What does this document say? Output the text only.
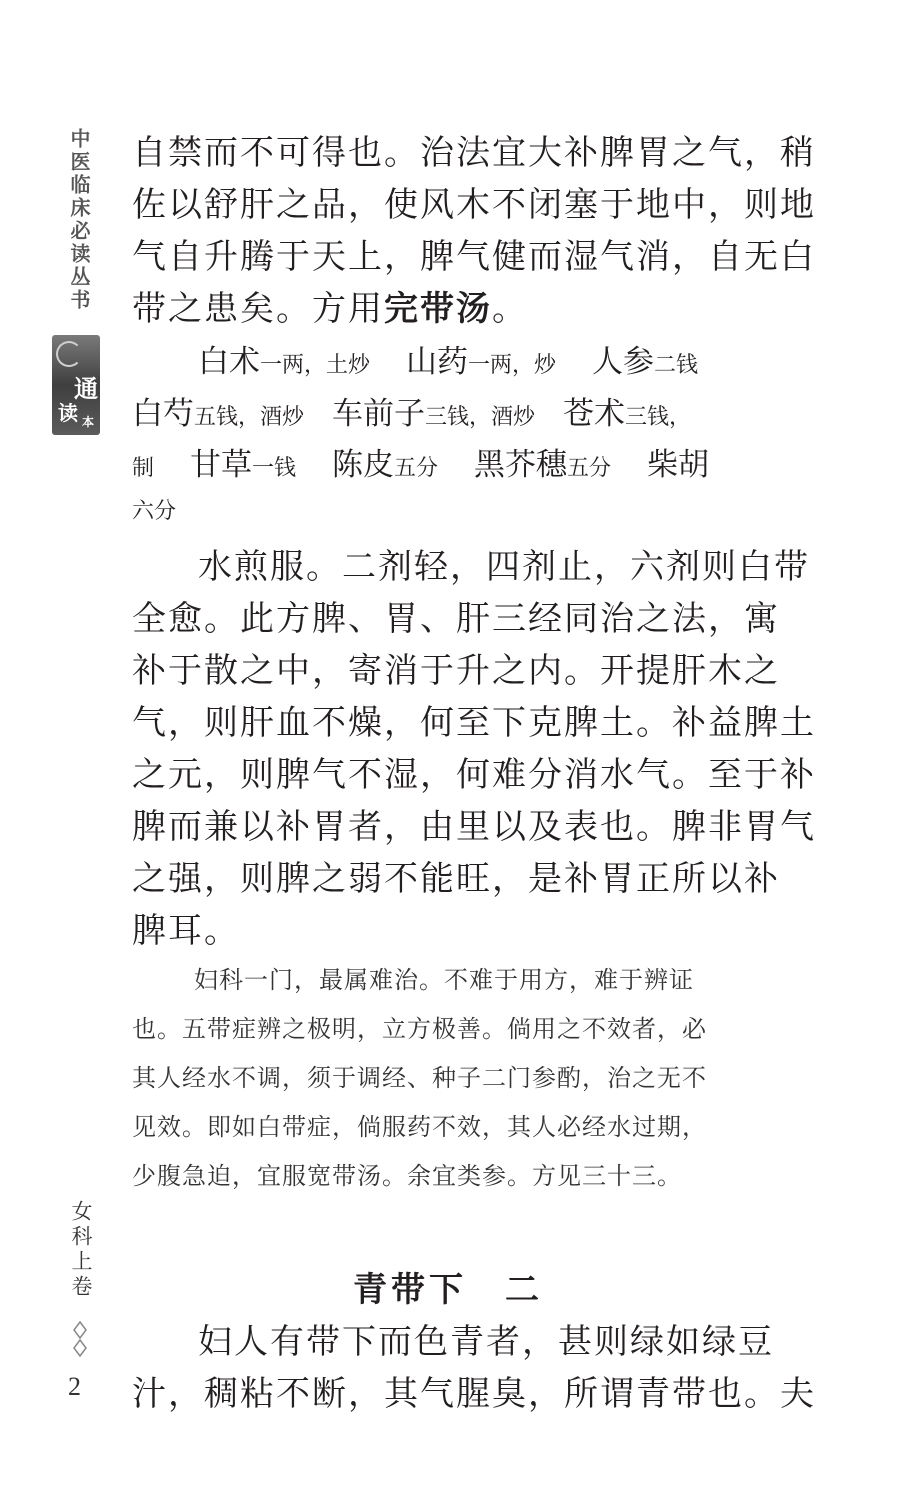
中医临床必读丛书
通
读 本
女科上卷
2
自禁而不可得也。治法宜大补脾胃之气，稍
佐以舒肝之品，使风木不闭塞于地中，则地
气自升腾于天上，脾气健而湿气消，自无白
带之患矣。方用完带汤。
白术一两，土炒 山药一两，炒 人参二钱
白芍五钱，酒炒 车前子三钱，酒炒 苍术三钱，
制 甘草一钱 陈皮五分 黑芥穗五分 柴胡
六分
水煎服。二剂轻，四剂止，六剂则白带
全愈。此方脾、胃、肝三经同治之法，寓
补于散之中，寄消于升之内。开提肝木之
气，则肝血不燥，何至下克脾土。补益脾土
之元，则脾气不湿，何难分消水气。至于补
脾而兼以补胃者，由里以及表也。脾非胃气
之强，则脾之弱不能旺，是补胃正所以补
脾耳。
妇科一门，最属难治。不难于用方，难于辨证
也。五带症辨之极明，立方极善。倘用之不效者，必
其人经水不调，须于调经、种子二门参酌，治之无不
见效。即如白带症，倘服药不效，其人必经水过期，
少腹急迫，宜服宽带汤。余宜类参。方见三十三。
青带下　二
妇人有带下而色青者，甚则绿如绿豆
汁，稠粘不断，其气腥臭，所谓青带也。夫
